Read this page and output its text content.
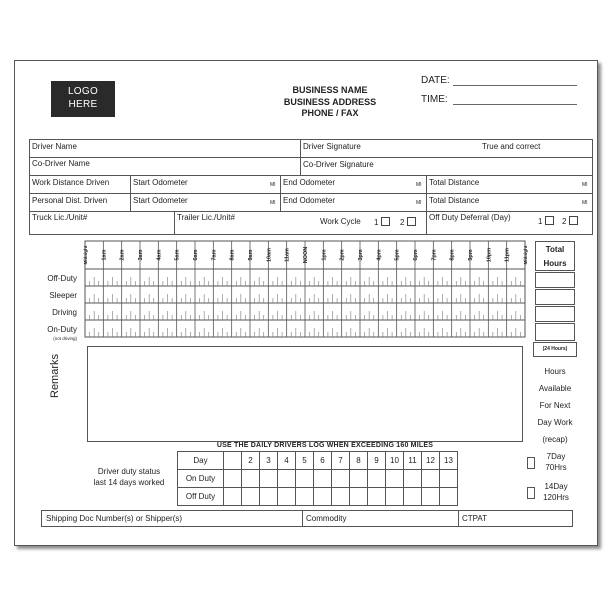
LOGO
HERE
BUSINESS NAME
BUSINESS ADDRESS
PHONE / FAX
DATE:
TIME:
Driver Name	Driver Signature	True and correct
Co-Driver Name	Co-Driver Signature
Work Distance Driven	Start Odometer	MI End Odometer	MI Total Distance	MI
Personal Dist. Driven	Start Odometer	MI End Odometer	MI Total Distance	MI
Truck Lic./Unit#	Trailer Lic./Unit#	Work Cycle 1	2
Off Duty Deferral (Day)	1	2
Midnight 1am 2am 3am 4am 5am 6am 7am 8am 9am 10am 11am NOON 1pm 2pm 3pm 4pm 5pm 6pm 7pm 8pm 9pm 10pm 11pm	Midnight
Off-Duty
Sleeper
Driving
On-Duty
(not driving)
Total Hours
(24 Hours)
Remarks	Hours
Available
For Next
Day Work
(recap)
USE THE DAILY DRIVERS LOG WHEN EXCEEDING 160 MILES
Driver duty status
last 14 days worked
Day		2	3	4	5	6	7	8	9	10	11	12	13
On Duty													
Off Duty													
7Day
70Hrs
14Day
120Hrs
Shipping Doc Number(s) or Shipper(s)	Commodity	CTPAT
